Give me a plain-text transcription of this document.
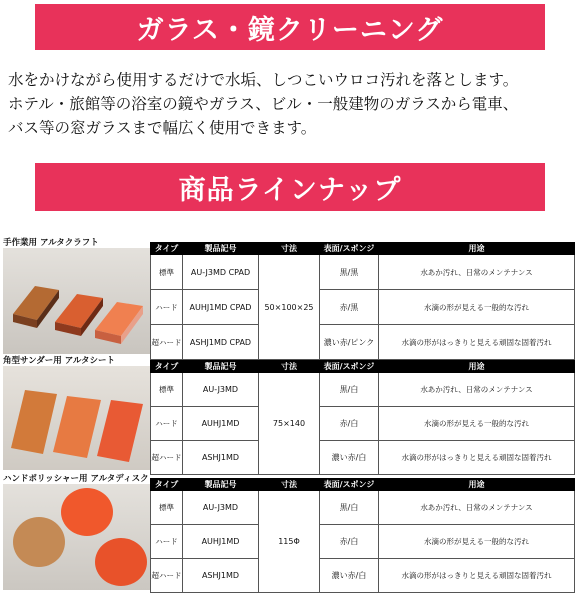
ガラス・鏡クリーニング
水をかけながら使用するだけで水垢、しつこいウロコ汚れを落とします。
ホテル・旅館等の浴室の鏡やガラス、ビル・一般建物のガラスから電車、
バス等の窓ガラスまで幅広く使用できます。
商品ラインナップ
手作業用 アルタクラフト
タイプ	製品記号	寸法	表面/スポンジ	用途
標準	AU-J3MD CPAD	50×100×25	黒/黒	水あか汚れ、日常のメンテナンス
ハード	AUHJ1MD CPAD		赤/黒	水滴の形が見える一般的な汚れ
超ハード	ASHJ1MD CPAD		濃い赤/ピンク	水滴の形がはっきりと見える頑固な固着汚れ
角型サンダー用 アルタシート
タイプ	製品記号	寸法	表面/スポンジ	用途
標準	AU-J3MD	75×140	黒/白	水あか汚れ、日常のメンテナンス
ハード	AUHJ1MD		赤/白	水滴の形が見える一般的な汚れ
超ハード	ASHJ1MD		濃い赤/白	水滴の形がはっきりと見える頑固な固着汚れ
ハンドポリッシャー用 アルタディスク
タイプ	製品記号	寸法	表面/スポンジ	用途
標準	AU-J3MD	115Φ	黒/白	水あか汚れ、日常のメンテナンス
ハード	AUHJ1MD		赤/白	水滴の形が見える一般的な汚れ
超ハード	ASHJ1MD		濃い赤/白	水滴の形がはっきりと見える頑固な固着汚れ
